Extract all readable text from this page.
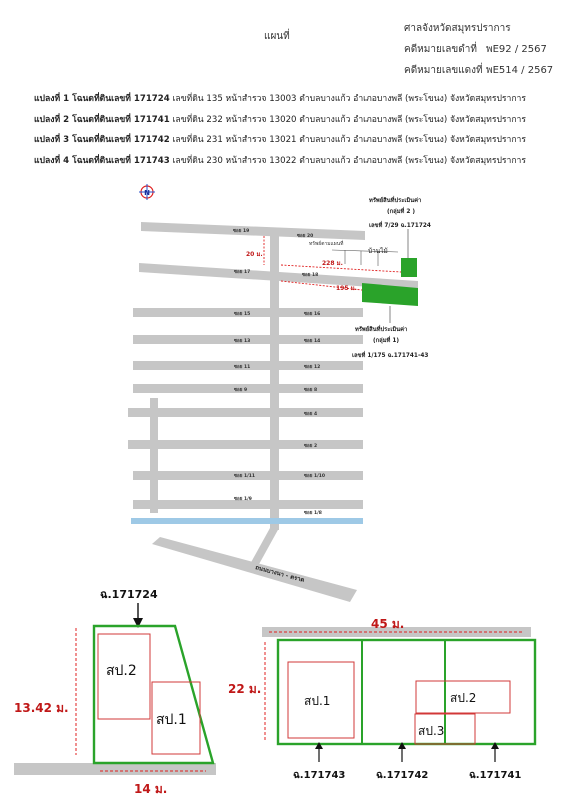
แผนที่
ศาลจังหวัดสมุทรปราการ
คดีหมายเลขดำที่ พE92 / 2567
คดีหมายเลขแดงที่ พE514 / 2567
แปลงที่ 1 โฉนดที่ดินเลขที่ 171724 เลขที่ดิน 135 หน้าสำรวจ 13003 ตำบลบางแก้ว อำเภอบางพลี (พระโขนง) จังหวัดสมุทรปราการ
แปลงที่ 2 โฉนดที่ดินเลขที่ 171741 เลขที่ดิน 232 หน้าสำรวจ 13020 ตำบลบางแก้ว อำเภอบางพลี (พระโขนง) จังหวัดสมุทรปราการ
แปลงที่ 3 โฉนดที่ดินเลขที่ 171742 เลขที่ดิน 231 หน้าสำรวจ 13021 ตำบลบางแก้ว อำเภอบางพลี (พระโขนง) จังหวัดสมุทรปราการ
แปลงที่ 4 โฉนดที่ดินเลขที่ 171743 เลขที่ดิน 230 หน้าสำรวจ 13022 ตำบลบางแก้ว อำเภอบางพลี (พระโขนง) จังหวัดสมุทรปราการ
N
ซอย 19
ซอย 20
ซอย 17
ซอย 18
ซอย 15	ซอย 16
ซอย 13	ซอย 14
ซอย 11	ซอย 12
ซอย 9	ซอย 8
ซอย 4
ซอย 2
ซอย 1/11	ซอย 1/10
ซอย 1/9
ซอย 1/8
ถนนบางนา - ตราด
20 ม.
228 ม.
195 ม.
ทรัพย์ตามแผนที่
บ้านไม้
ทรัพย์สินที่ประเมินค่า
(กลุ่มที่ 2 )
เลขที่ 7/29 ฉ.171724
ทรัพย์สินที่ประเมินค่า
(กลุ่มที่ 1)
เลขที่ 1/175 ฉ.171741-43
ฉ.171724
สป.2
สป.1
13.42 ม.
14 ม.
45 ม.
สป.1	สป.2
สป.3
22 ม.
ฉ.171743	ฉ.171742	ฉ.171741
